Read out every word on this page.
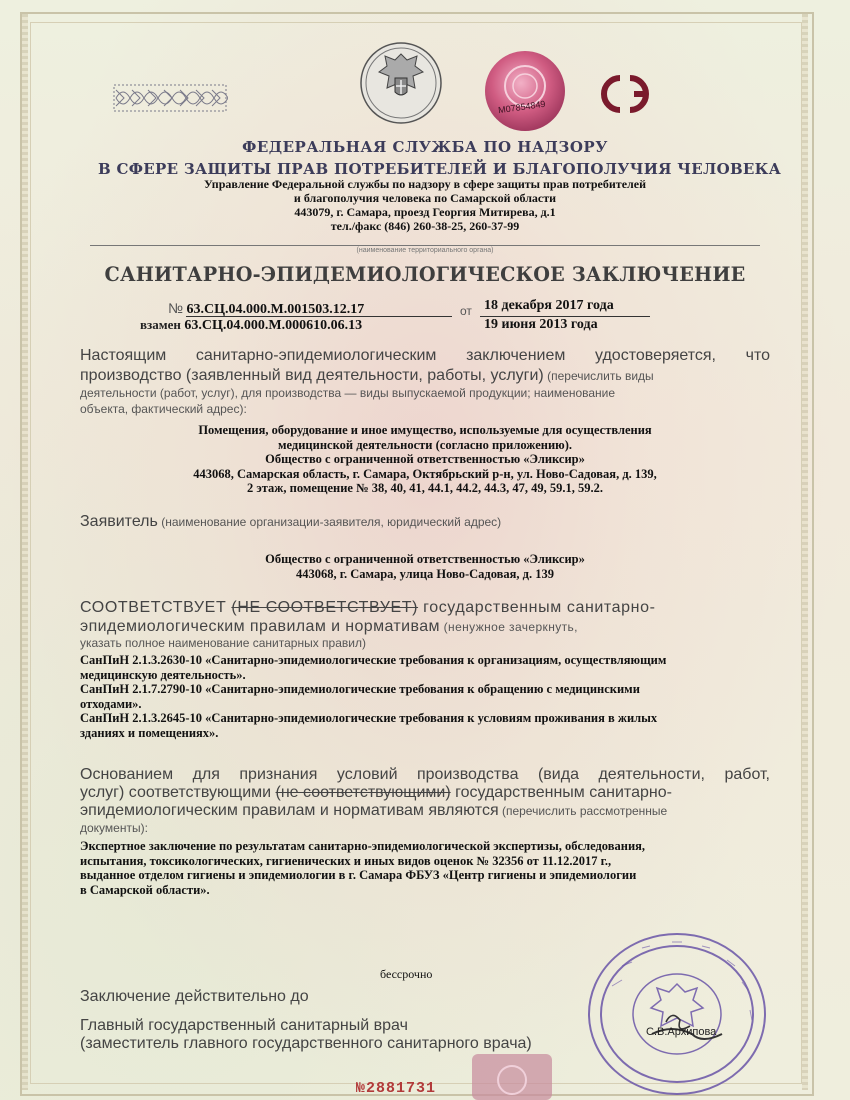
M07854849
ФЕДЕРАЛЬНАЯ СЛУЖБА ПО НАДЗОРУ
В СФЕРЕ ЗАЩИТЫ ПРАВ ПОТРЕБИТЕЛЕЙ И БЛАГОПОЛУЧИЯ ЧЕЛОВЕКА
Управление Федеральной службы по надзору в сфере защиты прав потребителей
и благополучия человека по Самарской области
443079, г. Самара, проезд Георгия Митирева, д.1
тел./факс (846) 260-38-25, 260-37-99
(наименование территориального органа)
САНИТАРНО-ЭПИДЕМИОЛОГИЧЕСКОЕ ЗАКЛЮЧЕНИЕ
№ 63.СЦ.04.000.М.001503.12.17
взамен 63.СЦ.04.000.М.000610.06.13
от 18 декабря 2017 года
19 июня 2013 года
Настоящим санитарно-эпидемиологическим заключением удостоверяется, что
производство (заявленный вид деятельности, работы, услуги) (перечислить виды
деятельности (работ, услуг), для производства — виды выпускаемой продукции; наименование
объекта, фактический адрес):
Помещения, оборудование и иное имущество, используемые для осуществления
медицинской деятельности (согласно приложению).
Общество с ограниченной ответственностью «Эликсир»
443068, Самарская область, г. Самара, Октябрьский р-н, ул. Ново-Садовая, д. 139,
2 этаж, помещение № 38, 40, 41, 44.1, 44.2, 44.3, 47, 49, 59.1, 59.2.
Заявитель (наименование организации-заявителя, юридический адрес)
Общество с ограниченной ответственностью «Эликсир»
443068, г. Самара, улица Ново-Садовая, д. 139
СООТВЕТСТВУЕТ (НЕ СООТВЕТСТВУЕТ) государственным санитарно-
эпидемиологическим правилам и нормативам (ненужное зачеркнуть,
указать полное наименование санитарных правил)
СанПиН 2.1.3.2630-10 «Санитарно-эпидемиологические требования к организациям, осуществляющим
медицинскую деятельность».
СанПиН 2.1.7.2790-10 «Санитарно-эпидемиологические требования к обращению с медицинскими
отходами».
СанПиН 2.1.3.2645-10 «Санитарно-эпидемиологические требования к условиям проживания в жилых
зданиях и помещениях».
Основанием для признания условий производства (вида деятельности, работ,
услуг) соответствующими (не соответствующими) государственным санитарно-
эпидемиологическим правилам и нормативам являются (перечислить рассмотренные
документы):
Экспертное заключение по результатам санитарно-эпидемиологической экспертизы, обследования,
испытания, токсикологических, гигиенических и иных видов оценок № 32356 от 11.12.2017 г.,
выданное отделом гигиены и эпидемиологии в г. Самара ФБУЗ «Центр гигиены и эпидемиологии
в Самарской области».
бессрочно
Заключение действительно до
Главный государственный санитарный врач
(заместитель главного государственного санитарного врача)
С.В.Архипова
№2881731
